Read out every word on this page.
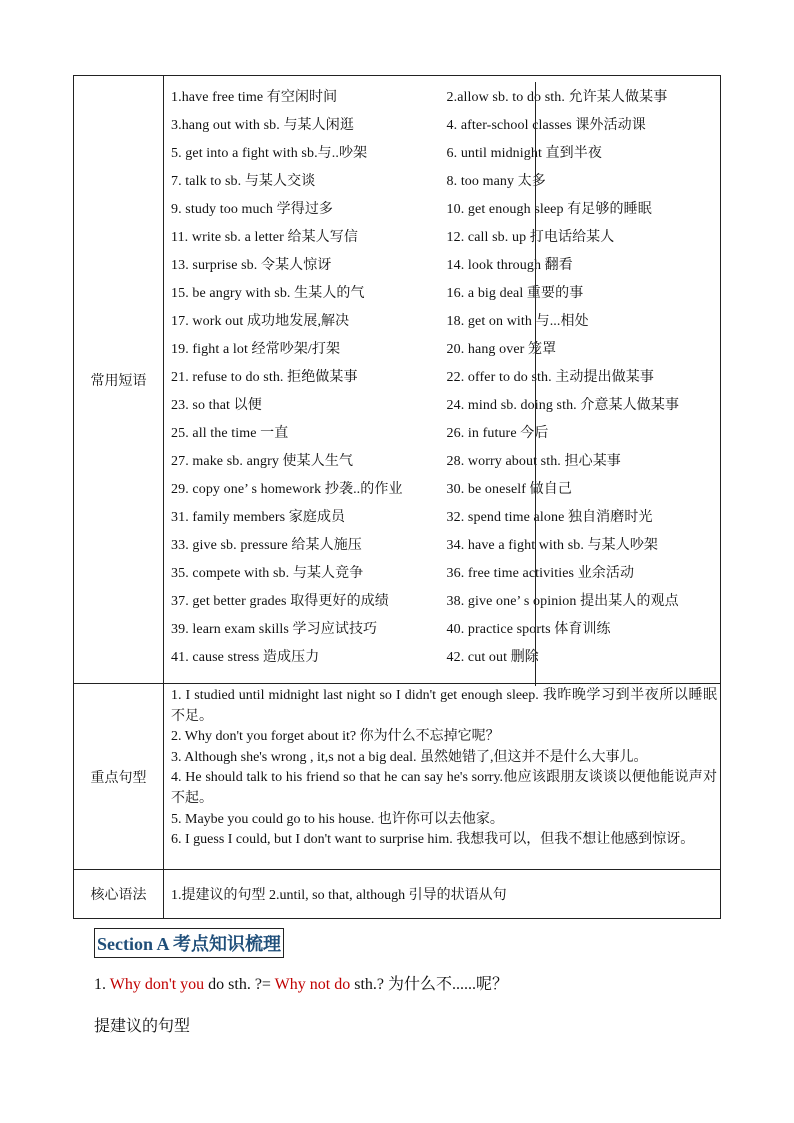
常用短语
1.have free time 有空闲时间	2.allow sb. to do sth. 允许某人做某事
3.hang out with sb. 与某人闲逛	4. after-school classes 课外活动课
5. get into a fight with sb.与..吵架	6. until midnight 直到半夜
7. talk to sb. 与某人交谈	8. too many 太多
9. study too much 学得过多	10. get enough sleep 有足够的睡眠
11. write sb. a letter 给某人写信	12. call sb. up 打电话给某人
13. surprise sb. 令某人惊讶	14. look through 翻看
15. be angry with sb. 生某人的气	16. a big deal 重要的事
17. work out 成功地发展,解决	18. get on with 与...相处
19. fight a lot 经常吵架/打架	20. hang over 笼罩
21. refuse to do sth. 拒绝做某事	22. offer to do sth. 主动提出做某事
23. so that 以便	24. mind sb. doing sth. 介意某人做某事
25. all the time 一直	26. in future 今后
27. make sb. angry 使某人生气	28. worry about sth. 担心某事
29. copy one’ s homework 抄袭..的作业	30. be oneself 做自己
31. family members 家庭成员	32. spend time alone 独自消磨时光
33. give sb. pressure 给某人施压	34. have a fight with sb. 与某人吵架
35. compete with sb. 与某人竞争	36. free time activities 业余活动
37. get better grades 取得更好的成绩	38. give one’ s opinion 提出某人的观点
39. learn exam skills 学习应试技巧	40. practice sports 体育训练
41. cause stress 造成压力	42. cut out 删除
重点句型
1. I studied until midnight last night so I didn't get enough sleep. 我昨晚学习到半夜所以睡眠不足。
2. Why don't you forget about it? 你为什么不忘掉它呢？
3. Although she's wrong , it,s not a big deal. 虽然她错了,但这并不是什么大事儿。
4. He should talk to his friend so that he can say he's sorry.他应该跟朋友谈谈以便他能说声对不起。
5. Maybe you could go to his house. 也许你可以去他家。
6. I guess I could, but I don't want to surprise him. 我想我可以，但我不想让他感到惊讶。
核心语法	1.提建议的句型 2.until, so that, although 引导的状语从句
Section A 考点知识梳理
1. Why don't you do sth. ?= Why not do sth.? 为什么不......呢？
提建议的句型
